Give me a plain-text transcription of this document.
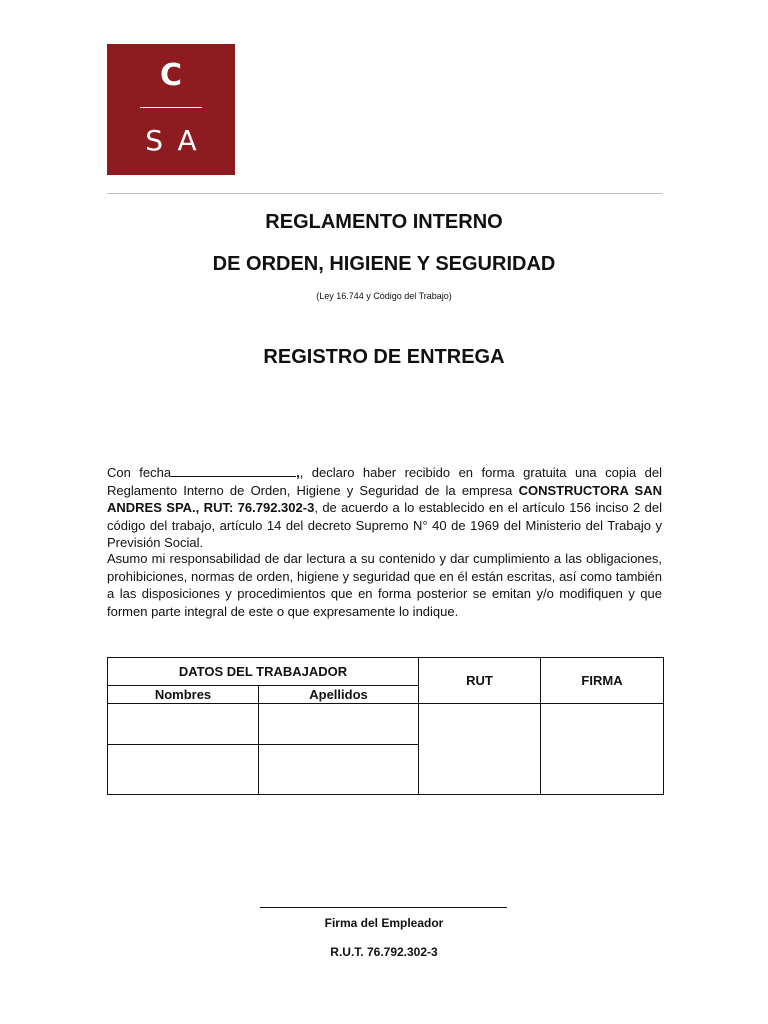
C
SA
REGLAMENTO INTERNO
DE ORDEN, HIGIENE Y SEGURIDAD
(Ley 16.744 y Código del Trabajo)
REGISTRO DE ENTREGA
Con fecha	,, declaro haber recibido en forma gratuita una copia del Reglamento Interno de Orden, Higiene y Seguridad de la empresa CONSTRUCTORA SAN ANDRES SPA., RUT: 76.792.302-3, de acuerdo a lo establecido en el artículo 156 inciso 2 del código del trabajo, artículo 14 del decreto Supremo N° 40 de 1969 del Ministerio del Trabajo y Previsión Social.
Asumo mi responsabilidad de dar lectura a su contenido y dar cumplimiento a las obligaciones, prohibiciones, normas de orden, higiene y seguridad que en él están escritas, así como también a las disposiciones y procedimientos que en forma posterior se emitan y/o modifiquen y que formen parte integral de este o que expresamente lo indique.
DATOS DEL TRABAJADOR		RUT	FIRMA
Nombres	Apellidos		

Firma del Empleador
R.U.T. 76.792.302-3
